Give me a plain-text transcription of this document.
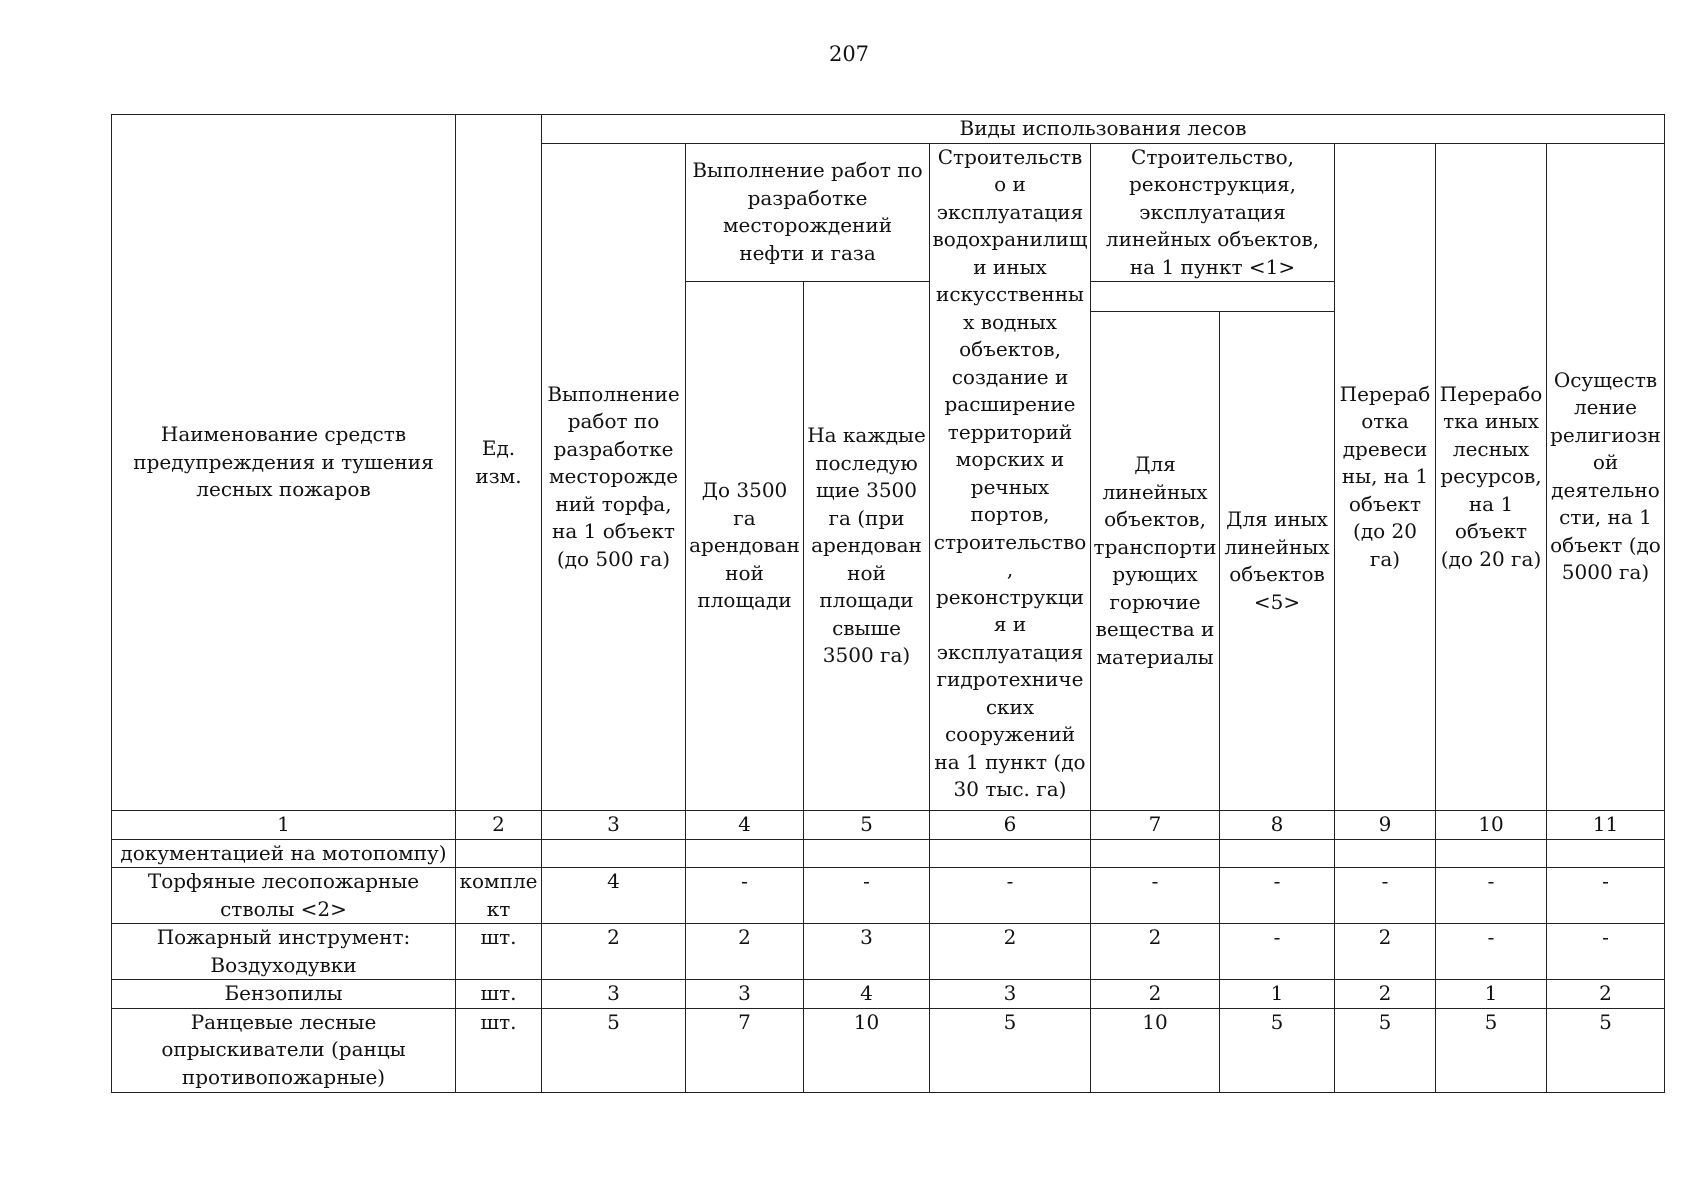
207
Наименование средств предупреждения и тушения лесных пожаров	Ед. изм.	Виды использования лесов								
		Выполнение работ по разработке месторождений торфа, на 1 объект (до 500 га)	Выполнение работ по разработке месторождений нефти и газа		Строительство и эксплуатация водохранилищ и иных искусственных водных объектов, создание и расширение территорий морских и речных портов, строительство, реконструкция и эксплуатация гидротехнических сооружений на 1 пункт (до 30 тыс. га)	Строительство, реконструкция, эксплуатация линейных объектов, на 1 пункт <1>		Переработка древесины, на 1 объект (до 20 га)	Переработка иных лесных ресурсов, на 1 объект (до 20 га)	Осуществление религиозной деятельности, на 1 объект (до 5000 га)
			До 3500 га арендованной площади	На каждые последующие 3500 га (при арендованной площади свыше 3500 га)						
						Для линейных объектов, транспортирующих горючие вещества и материалы	Для иных линейных объектов <5>			
1	2	3	4	5	6	7	8	9	10	11
документацией на мотопомпу)										
Торфяные лесопожарные стволы <2>	комплект	4	-	-	-	-	-	-	-	-
Пожарный инструмент: Воздуходувки	шт.	2	2	3	2	2	-	2	-	-
Бензопилы	шт.	3	3	4	3	2	1	2	1	2
Ранцевые лесные опрыскиватели (ранцы противопожарные)	шт.	5	7	10	5	10	5	5	5	5
